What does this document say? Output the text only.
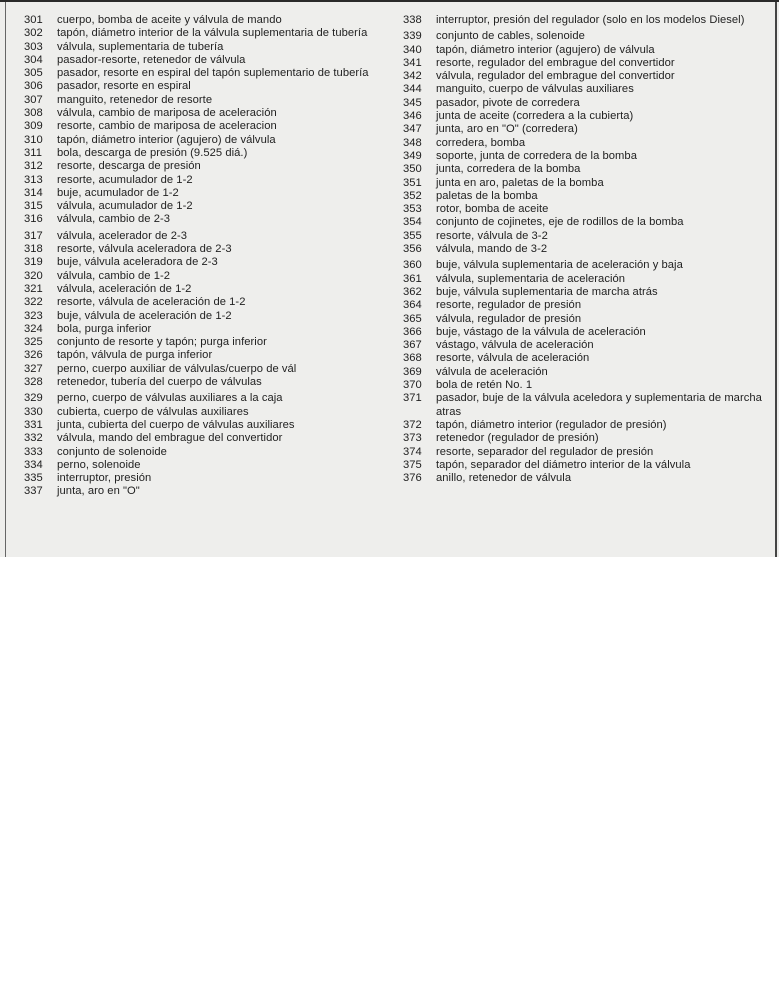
301	cuerpo, bomba de aceite y válvula de mando
302	tapón, diámetro interior de la válvula suplementaria de tubería
303	válvula, suplementaria de tubería
304	pasador-resorte, retenedor de válvula
305	pasador, resorte en espiral del tapón suplementario de tubería
306	pasador, resorte en espiral
307	manguito, retenedor de resorte
308	válvula, cambio de mariposa de aceleración
309	resorte, cambio de mariposa de aceleracion
310	tapón, diámetro interior (agujero) de válvula
311	bola, descarga de presión (9.525 diá.)
312	resorte, descarga de presión
313	resorte, acumulador de 1-2
314	buje, acumulador de 1-2
315	válvula, acumulador de 1-2
316	válvula, cambio de 2-3
317	válvula, acelerador de 2-3
318	resorte, válvula aceleradora de 2-3
319	buje, válvula aceleradora de 2-3
320	válvula, cambio de 1-2
321	válvula, aceleración de 1-2
322	resorte, válvula de aceleración de 1-2
323	buje, válvula de aceleración de 1-2
324	bola, purga inferior
325	conjunto de resorte y tapón; purga inferior
326	tapón, válvula de purga inferior
327	perno, cuerpo auxiliar de válvulas/cuerpo de vál
328	retenedor, tubería del cuerpo de válvulas
329	perno, cuerpo de válvulas auxiliares a la caja
330	cubierta, cuerpo de válvulas auxiliares
331	junta, cubierta del cuerpo de válvulas auxiliares
332	válvula, mando del embrague del convertidor
333	conjunto de solenoide
334	perno, solenoide
335	interruptor, presión
337	junta, aro en "O"
338	interruptor, presión del regulador (solo en los modelos Diesel)
339	conjunto de cables, solenoide
340	tapón, diámetro interior (agujero) de válvula
341	resorte, regulador del embrague del convertidor
342	válvula, regulador del embrague del convertidor
344	manguito, cuerpo de válvulas auxiliares
345	pasador, pivote de corredera
346	junta de aceite (corredera a la cubierta)
347	junta, aro en "O" (corredera)
348	corredera, bomba
349	soporte, junta de corredera de la bomba
350	junta, corredera de la bomba
351	junta en aro, paletas de la bomba
352	paletas de la bomba
353	rotor, bomba de aceite
354	conjunto de cojinetes, eje de rodillos de la bomba
355	resorte, válvula de 3-2
356	válvula, mando de 3-2
360	buje, válvula suplementaria de aceleración y baja
361	válvula, suplementaria de aceleración
362	buje, válvula suplementaria de marcha atrás
364	resorte, regulador de presión
365	válvula, regulador de presión
366	buje, vástago de la válvula de aceleración
367	vástago, válvula de aceleración
368	resorte, válvula de aceleración
369	válvula de aceleración
370	bola de retén No. 1
371	pasador, buje de la válvula aceledora y suplementaria de marcha atras
372	tapón, diámetro interior (regulador de presión)
373	retenedor (regulador de presión)
374	resorte, separador del regulador de presión
375	tapón, separador del diámetro interior de la válvula
376	anillo, retenedor de válvula
